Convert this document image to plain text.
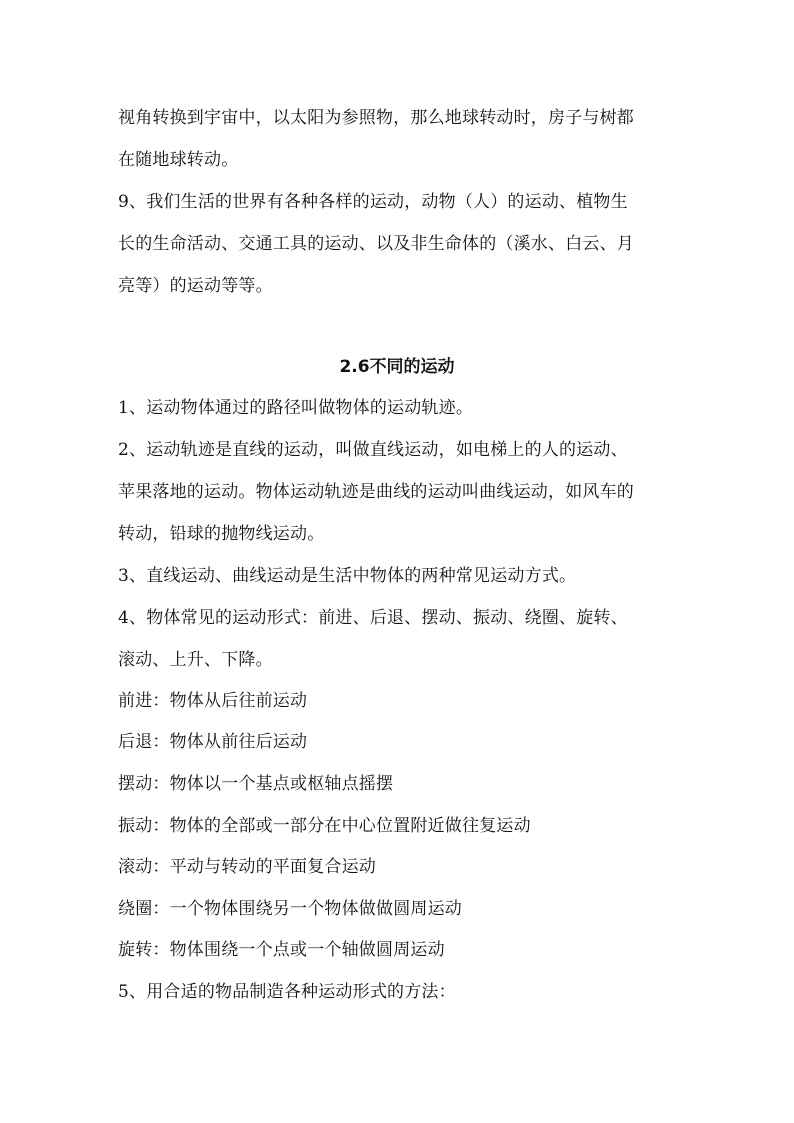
视角转换到宇宙中，以太阳为参照物，那么地球转动时，房子与树都
在随地球转动。
9、我们生活的世界有各种各样的运动，动物（人）的运动、植物生
长的生命活动、交通工具的运动、以及非生命体的（溪水、白云、月
亮等）的运动等等。
2.6不同的运动
1、运动物体通过的路径叫做物体的运动轨迹。
2、运动轨迹是直线的运动，叫做直线运动，如电梯上的人的运动、
苹果落地的运动。物体运动轨迹是曲线的运动叫曲线运动，如风车的
转动，铅球的抛物线运动。
3、直线运动、曲线运动是生活中物体的两种常见运动方式。
4、物体常见的运动形式：前进、后退、摆动、振动、绕圈、旋转、
滚动、上升、下降。
前进：物体从后往前运动
后退：物体从前往后运动
摆动：物体以一个基点或枢轴点摇摆
振动：物体的全部或一部分在中心位置附近做往复运动
滚动：平动与转动的平面复合运动
绕圈：一个物体围绕另一个物体做做圆周运动
旋转：物体围绕一个点或一个轴做圆周运动
5、用合适的物品制造各种运动形式的方法：
